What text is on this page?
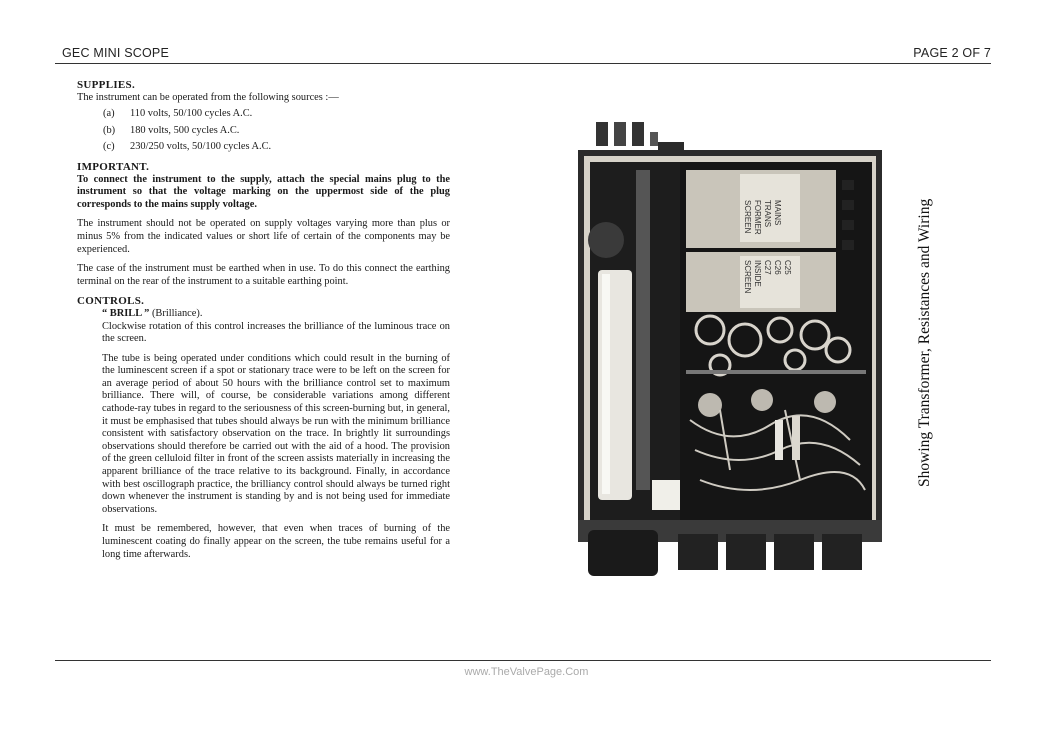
GEC MINI SCOPE	PAGE 2 OF 7
SUPPLIES.

The instrument can be operated from the following sources :—

(a)	110 volts, 50/100 cycles A.C.
(b)	180 volts, 500 cycles A.C.
(c)	230/250 volts, 50/100 cycles A.C.
IMPORTANT.

To connect the instrument to the supply, attach the special mains plug to the instrument so that the voltage marking on the uppermost side of the plug corresponds to the mains supply voltage.

The instrument should not be operated on supply voltages varying more than plus or minus 5% from the indicated values or short life of certain of the components may be experienced.

The case of the instrument must be earthed when in use. To do this connect the earthing terminal on the rear of the instrument to a suitable earthing point.

CONTROLS.
“ BRILL ” (Brilliance).

Clockwise rotation of this control increases the brilliance of the luminous trace on the screen.

The tube is being operated under conditions which could result in the burning of the luminescent screen if a spot or stationary trace were to be left on the screen for an average period of about 50 hours with the brilliance control set to maximum brilliance. There will, of course, be considerable variations among different cathode-ray tubes in regard to the seriousness of this screen-burning but, in general, it must be emphasised that tubes should always be run with the minimum brilliance consistent with satisfactory observation on the trace. In brightly lit surroundings observations should therefore be carried out with the aid of a hood. The provision of the green celluloid filter in front of the screen assists materially in increasing the apparent brilliance of the trace relative to its background. Finally, in accordance with best oscillograph practice, the brilliancy control should always be turned right down whenever the instrument is standing by and is not being used for immediate observations.

It must be remembered, however, that even when traces of burning of the luminescent coating do finally appear on the screen, the tube remains useful for a long time afterwards.

MAINS
TRANS
FORMER
SCREEN
C25
C26
C27
INSIDE
SCREEN	Showing Transformer, Resistances and Wiring
www.TheValvePage.Com
